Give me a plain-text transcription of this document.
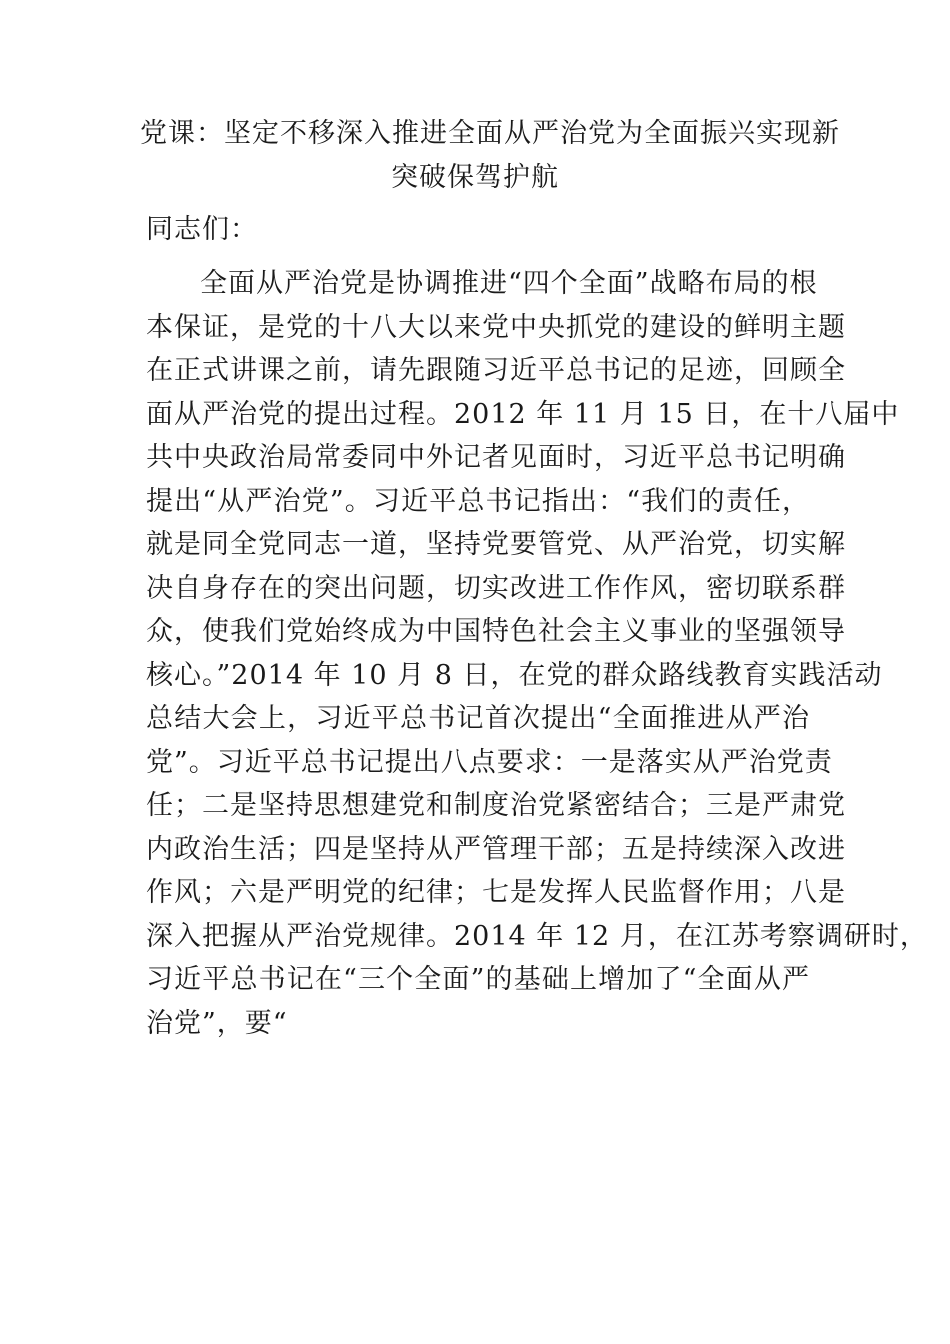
党课：坚定不移深入推进全面从严治党为全面振兴实现新
突破保驾护航
同志们：
全面从严治党是协调推进“四个全面”战略布局的根
本保证，是党的十八大以来党中央抓党的建设的鲜明主题
在正式讲课之前，请先跟随习近平总书记的足迹，回顾全
面从严治党的提出过程。2012 年 11 月 15 日，在十八届中
共中央政治局常委同中外记者见面时，习近平总书记明确
提出“从严治党”。习近平总书记指出：“我们的责任，
就是同全党同志一道，坚持党要管党、从严治党，切实解
决自身存在的突出问题，切实改进工作作风，密切联系群
众，使我们党始终成为中国特色社会主义事业的坚强领导
核心。”2014 年 10 月 8 日，在党的群众路线教育实践活动
总结大会上，习近平总书记首次提出“全面推进从严治
党”。习近平总书记提出八点要求：一是落实从严治党责
任；二是坚持思想建党和制度治党紧密结合；三是严肃党
内政治生活；四是坚持从严管理干部；五是持续深入改进
作风；六是严明党的纪律；七是发挥人民监督作用；八是
深入把握从严治党规律。2014 年 12 月，在江苏考察调研时，
习近平总书记在“三个全面”的基础上增加了“全面从严
治党”，要“
